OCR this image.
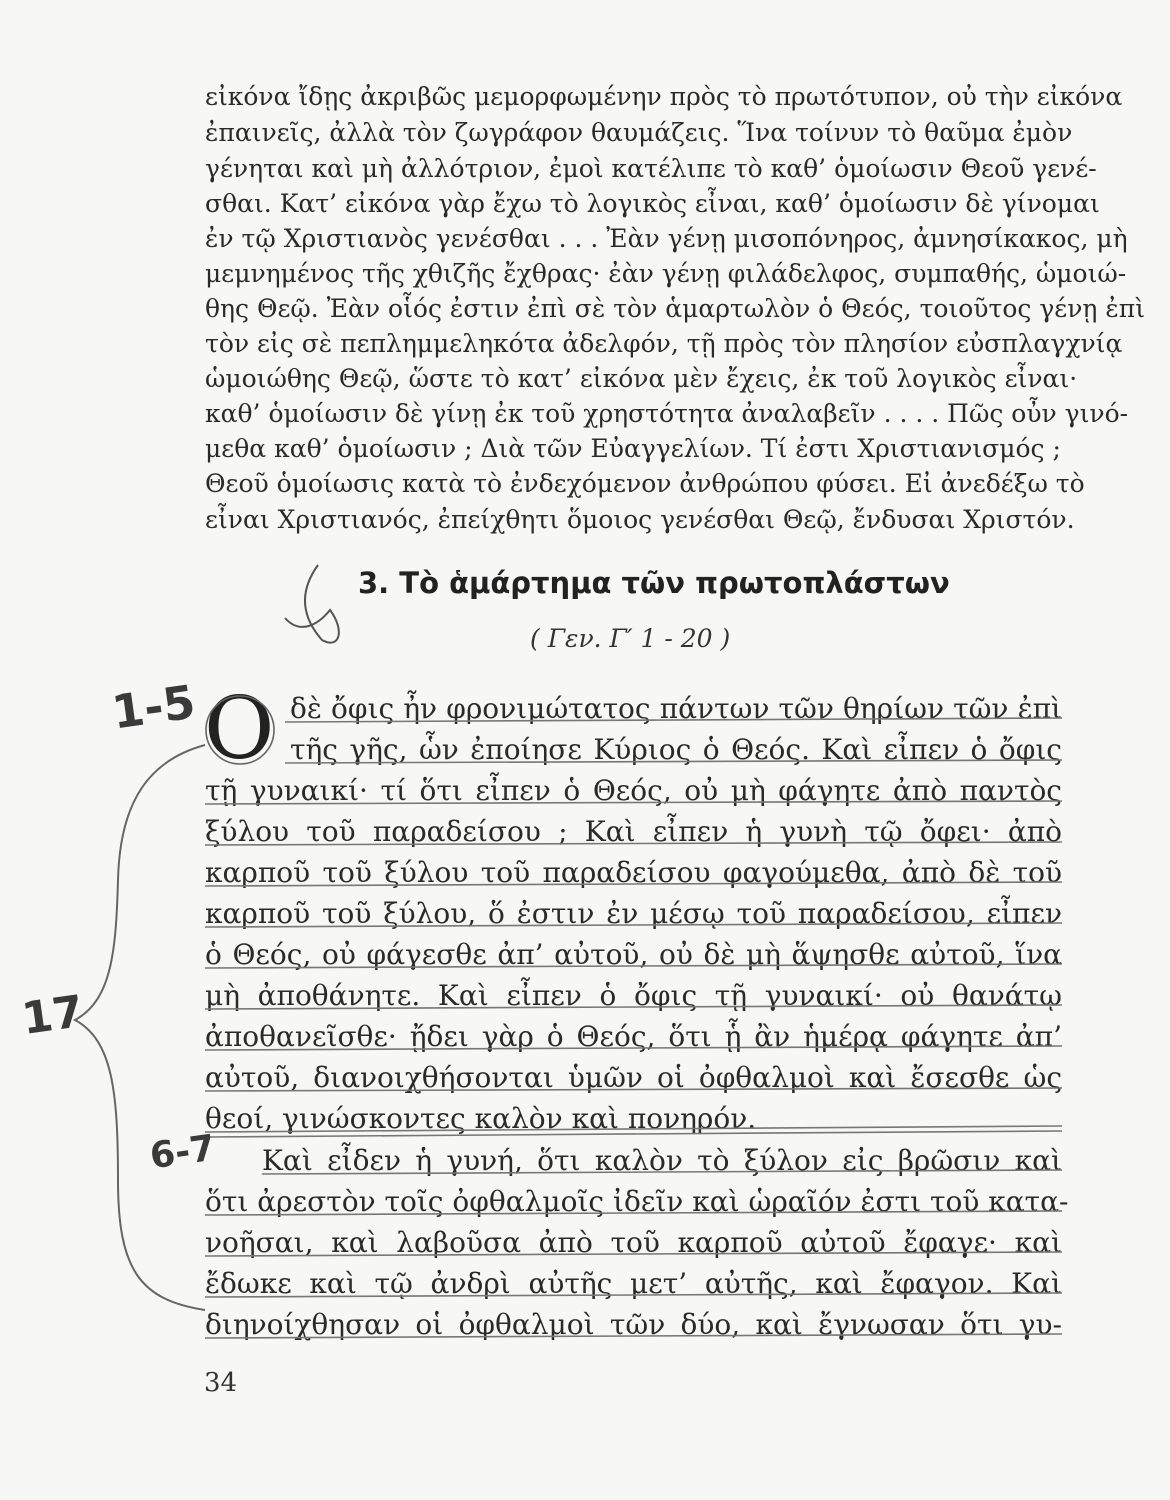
εἰκόνα ἴδῃς ἀκριβῶς μεμορφωμένην πρὸς τὸ πρωτότυπον, οὐ τὴν εἰκόνα
ἐπαινεῖς, ἀλλὰ τὸν ζωγράφον θαυμάζεις. Ἵνα τοίνυν τὸ θαῦμα ἐμὸν
γένηται καὶ μὴ ἀλλότριον, ἐμοὶ κατέλιπε τὸ καθ’ ὁμοίωσιν Θεοῦ γενέ-
σθαι. Κατ’ εἰκόνα γὰρ ἔχω τὸ λογικὸς εἶναι, καθ’ ὁμοίωσιν δὲ γίνομαι
ἐν τῷ Χριστιανὸς γενέσθαι . . . Ἐὰν γένῃ μισοπόνηρος, ἀμνησίκακος, μὴ
μεμνημένος τῆς χθιζῆς ἔχθρας· ἐὰν γένῃ φιλάδελφος, συμπαθής, ὡμοιώ-
θης Θεῷ. Ἐὰν οἷός ἐστιν ἐπὶ σὲ τὸν ἁμαρτωλὸν ὁ Θεός, τοιοῦτος γένῃ ἐπὶ
τὸν εἰς σὲ πεπλημμεληκότα ἀδελφόν, τῇ πρὸς τὸν πλησίον εὐσπλαγχνίᾳ
ὡμοιώθης Θεῷ, ὥστε τὸ κατ’ εἰκόνα μὲν ἔχεις, ἐκ τοῦ λογικὸς εἶναι·
καθ’ ὁμοίωσιν δὲ γίνῃ ἐκ τοῦ χρηστότητα ἀναλαβεῖν . . . . Πῶς οὖν γινό-
μεθα καθ’ ὁμοίωσιν ; Διὰ τῶν Εὐαγγελίων. Τί ἐστι Χριστιανισμός ;
Θεοῦ ὁμοίωσις κατὰ τὸ ἐνδεχόμενον ἀνθρώπου φύσει. Εἰ ἀνεδέξω τὸ
εἶναι Χριστιανός, ἐπείχθητι ὅμοιος γενέσθαι Θεῷ, ἔνδυσαι Χριστόν.
3. Τὸ ἁμάρτημα τῶν πρωτοπλάστων
( Γεν. Γ′ 1 - 20 )
Ο δὲ ὄφις ἦν φρονιμώτατος πάντων τῶν θηρίων τῶν ἐπὶ
τῆς γῆς, ὧν ἐποίησε Κύριος ὁ Θεός. Καὶ εἶπεν ὁ ὄφις
τῇ γυναικί· τί ὅτι εἶπεν ὁ Θεός, οὐ μὴ φάγητε ἀπὸ παντὸς
ξύλου τοῦ παραδείσου ; Καὶ εἶπεν ἡ γυνὴ τῷ ὄφει· ἀπὸ
καρποῦ τοῦ ξύλου τοῦ παραδείσου φαγούμεθα, ἀπὸ δὲ τοῦ
καρποῦ τοῦ ξύλου, ὅ ἐστιν ἐν μέσῳ τοῦ παραδείσου, εἶπεν
ὁ Θεός, οὐ φάγεσθε ἀπ’ αὐτοῦ, οὐ δὲ μὴ ἅψησθε αὐτοῦ, ἵνα
μὴ ἀποθάνητε. Καὶ εἶπεν ὁ ὄφις τῇ γυναικί· οὐ θανάτῳ
ἀποθανεῖσθε· ᾔδει γὰρ ὁ Θεός, ὅτι ᾗ ἂν ἡμέρᾳ φάγητε ἀπ’
αὐτοῦ, διανοιχθήσονται ὑμῶν οἱ ὀφθαλμοὶ καὶ ἔσεσθε ὡς
θεοί, γινώσκοντες καλὸν καὶ πονηρόν.
Καὶ εἶδεν ἡ γυνή, ὅτι καλὸν τὸ ξύλον εἰς βρῶσιν καὶ
ὅτι ἀρεστὸν τοῖς ὀφθαλμοῖς ἰδεῖν καὶ ὡραῖόν ἐστι τοῦ κατα-
νοῆσαι, καὶ λαβοῦσα ἀπὸ τοῦ καρποῦ αὐτοῦ ἔφαγε· καὶ
ἔδωκε καὶ τῷ ἀνδρὶ αὐτῆς μετ’ αὐτῆς, καὶ ἔφαγον. Καὶ
διηνοίχθησαν οἱ ὀφθαλμοὶ τῶν δύο, καὶ ἔγνωσαν ὅτι γυ-
1-5
17
6-7
34
